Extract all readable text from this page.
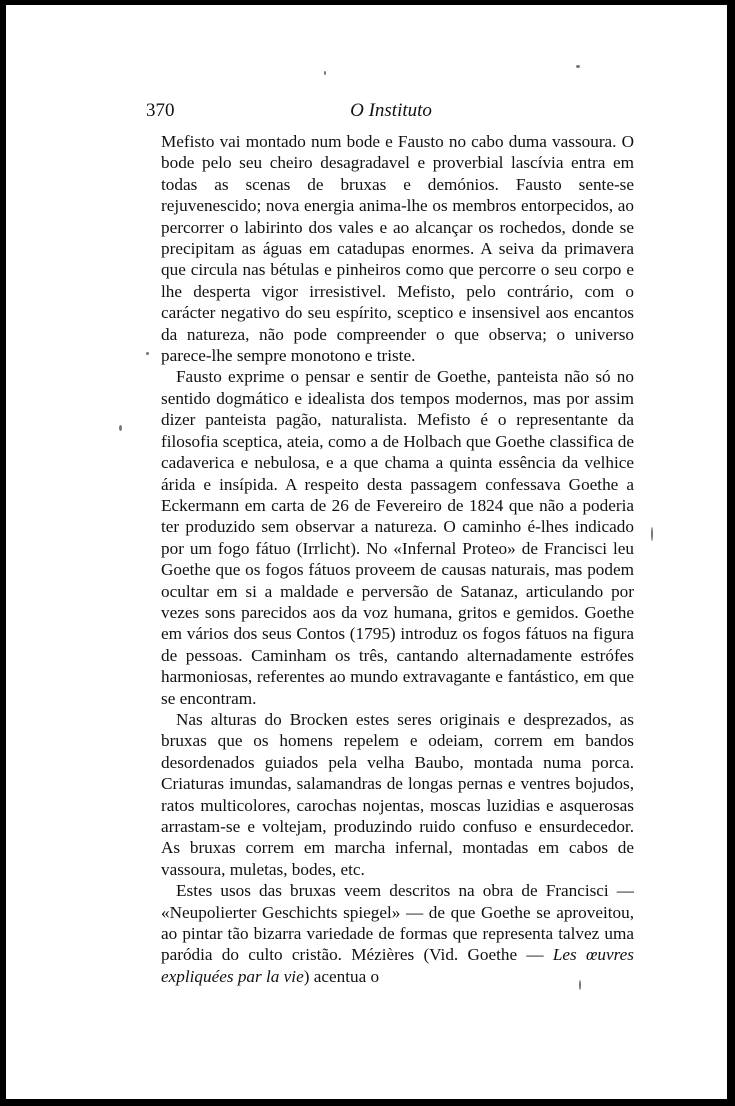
370	O Instituto

Mefisto vai montado num bode e Fausto no cabo duma vassoura. O bode pelo seu cheiro desagradavel e proverbial lascívia entra em todas as scenas de bruxas e demónios. Fausto sente-se rejuvenescido; nova energia anima-lhe os membros entorpecidos, ao percorrer o labirinto dos vales e ao alcançar os rochedos, donde se precipitam as águas em catadupas enormes. A seiva da primavera que circula nas bétulas e pinheiros como que percorre o seu corpo e lhe desperta vigor irresistivel. Mefisto, pelo contrário, com o carácter negativo do seu espírito, sceptico e insensivel aos encantos da natureza, não pode compreender o que observa; o universo parece-lhe sempre monotono e triste.

Fausto exprime o pensar e sentir de Goethe, panteista não só no sentido dogmático e idealista dos tempos modernos, mas por assim dizer panteista pagão, naturalista. Mefisto é o representante da filosofia sceptica, ateia, como a de Holbach que Goethe classifica de cadaverica e nebulosa, e a que chama a quinta essência da velhice árida e insípida. A respeito desta passagem confessava Goethe a Eckermann em carta de 26 de Fevereiro de 1824 que não a poderia ter produzido sem observar a natureza. O caminho é-lhes indicado por um fogo fátuo (Irrlicht). No «Infernal Proteo» de Francisci leu Goethe que os fogos fátuos proveem de causas naturais, mas podem ocultar em si a maldade e perversão de Satanaz, articulando por vezes sons parecidos aos da voz humana, gritos e gemidos. Goethe em vários dos seus Contos (1795) introduz os fogos fátuos na figura de pessoas. Caminham os três, cantando alternadamente estrófes harmoniosas, referentes ao mundo extravagante e fantástico, em que se encontram.

Nas alturas do Brocken estes seres originais e desprezados, as bruxas que os homens repelem e odeiam, correm em bandos desordenados guiados pela velha Baubo, montada numa porca. Criaturas imundas, salamandras de longas pernas e ventres bojudos, ratos multicolores, carochas nojentas, moscas luzidias e asquerosas arrastam-se e voltejam, produzindo ruido confuso e ensurdecedor. As bruxas correm em marcha infernal, montadas em cabos de vassoura, muletas, bodes, etc.

Estes usos das bruxas veem descritos na obra de Francisci — «Neupolierter Geschichts spiegel» — de que Goethe se aproveitou, ao pintar tão bizarra variedade de formas que representa talvez uma paródia do culto cristão. Mézières (Vid. Goethe — Les œuvres expliquées par la vie) acentua o
